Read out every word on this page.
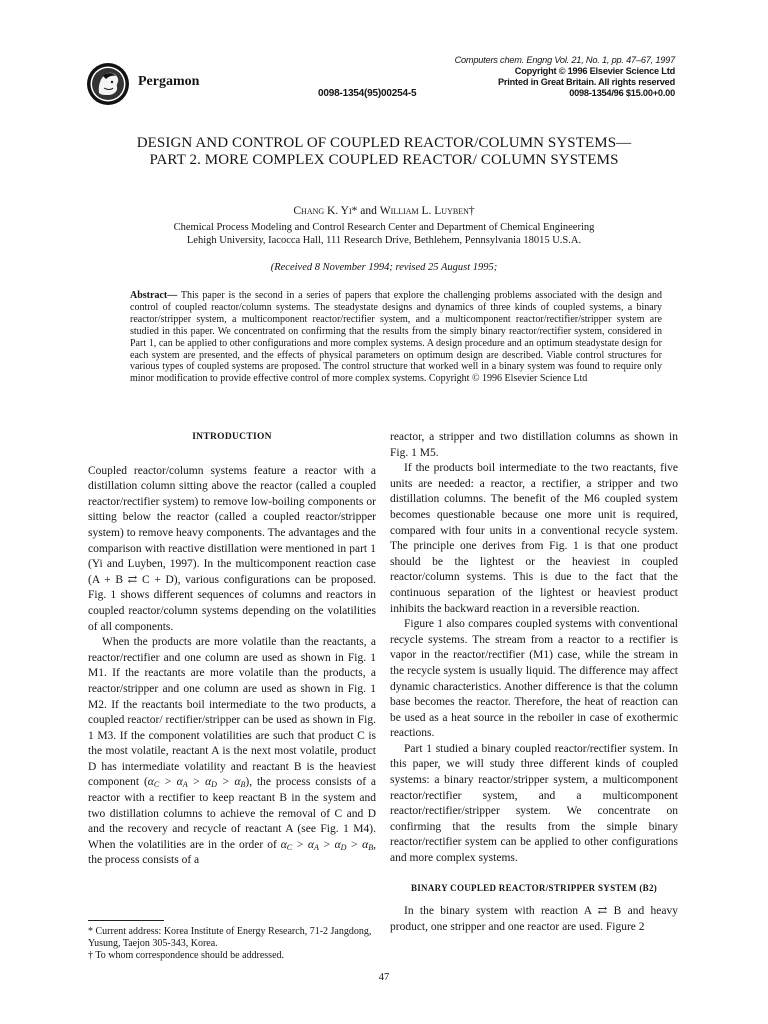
Pergamon
0098-1354(95)00254-5
Computers chem. Engng Vol. 21, No. 1, pp. 47–67, 1997
Copyright © 1996 Elsevier Science Ltd
Printed in Great Britain. All rights reserved
0098-1354/96 $15.00+0.00
DESIGN AND CONTROL OF COUPLED REACTOR/COLUMN SYSTEMS—PART 2. MORE COMPLEX COUPLED REACTOR/ COLUMN SYSTEMS
Chang K. Yi* and William L. Luyben†
Chemical Process Modeling and Control Research Center and Department of Chemical Engineering
Lehigh University, Iacocca Hall, 111 Research Drive, Bethlehem, Pennsylvania 18015 U.S.A.
(Received 8 November 1994; revised 25 August 1995;
Abstract— This paper is the second in a series of papers that explore the challenging problems associated with the design and control of coupled reactor/column systems. The steadystate designs and dynamics of three kinds of coupled systems, a binary reactor/stripper system, a multicomponent reactor/rectifier system, and a multicomponent reactor/rectifier/stripper system are studied in this paper. We concentrated on confirming that the results from the simply binary reactor/rectifier system, considered in Part 1, can be applied to other configurations and more complex systems. A design procedure and an optimum steadystate design for each system are presented, and the effects of physical parameters on optimum design are described. Viable control structures for various types of coupled systems are proposed. The control structure that worked well in a binary system was found to require only minor modification to provide effective control of more complex systems. Copyright © 1996 Elsevier Science Ltd

INTRODUCTION

Coupled reactor/column systems feature a reactor with a distillation column sitting above the reactor (called a coupled reactor/rectifier system) to remove low-boiling components or sitting below the reactor (called a coupled reactor/stripper system) to remove heavy components. The advantages and the comparison with reactive distillation were mentioned in part 1 (Yi and Luyben, 1997). In the multicomponent reaction case (A + B ⇄ C + D), various configurations can be proposed. Fig. 1 shows different sequences of columns and reactors in coupled reactor/column systems depending on the volatilities of all components.

When the products are more volatile than the reactants, a reactor/rectifier and one column are used as shown in Fig. 1 M1. If the reactants are more volatile than the products, a reactor/stripper and one column are used as shown in Fig. 1 M2. If the reactants boil intermediate to the two products, a coupled reactor/ rectifier/stripper can be used as shown in Fig. 1 M3. If the component volatilities are such that product C is the most volatile, reactant A is the next most volatile, product D has intermediate volatility and reactant B is the heaviest component $(\alpha_C > \alpha_A > \alpha_D > \alpha_B)$, the process consists of a reactor with a rectifier to keep reactant B in the system and two distillation columns to achieve the removal of C and D and the recovery and recycle of reactant A (see Fig. 1 M4). When the volatilities are in the order of $\alpha_C > \alpha_A > \alpha_D > \alpha_B$, the process consists of a

reactor, a stripper and two distillation columns as shown in Fig. 1 M5.

If the products boil intermediate to the two reactants, five units are needed: a reactor, a rectifier, a stripper and two distillation columns. The benefit of the M6 coupled system becomes questionable because one more unit is required, compared with four units in a conventional recycle system. The principle one derives from Fig. 1 is that one product should be the lightest or the heaviest in coupled reactor/column systems. This is due to the fact that the continuous separation of the lightest or heaviest product inhibits the backward reaction in a reversible reaction.

Figure 1 also compares coupled systems with conventional recycle systems. The stream from a reactor to a rectifier is vapor in the reactor/rectifier (M1) case, while the stream in the recycle system is usually liquid. The difference may affect dynamic characteristics. Another difference is that the column base becomes the reactor. Therefore, the heat of reaction can be used as a heat source in the reboiler in case of exothermic reactions.

Part 1 studied a binary coupled reactor/rectifier system. In this paper, we will study three different kinds of coupled systems: a binary reactor/stripper system, a multicomponent reactor/rectifier system, and a multicomponent reactor/rectifier/stripper system. We concentrate on confirming that the results from the simple binary reactor/rectifier system can be applied to other configurations and more complex systems.

BINARY COUPLED REACTOR/STRIPPER SYSTEM (B2)

In the binary system with reaction A ⇄ B and heavy product, one stripper and one reactor are used. Figure 2

* Current address: Korea Institute of Energy Research, 71-2 Jangdong, Yusung, Taejon 305-343, Korea.
† To whom correspondence should be addressed.
47
